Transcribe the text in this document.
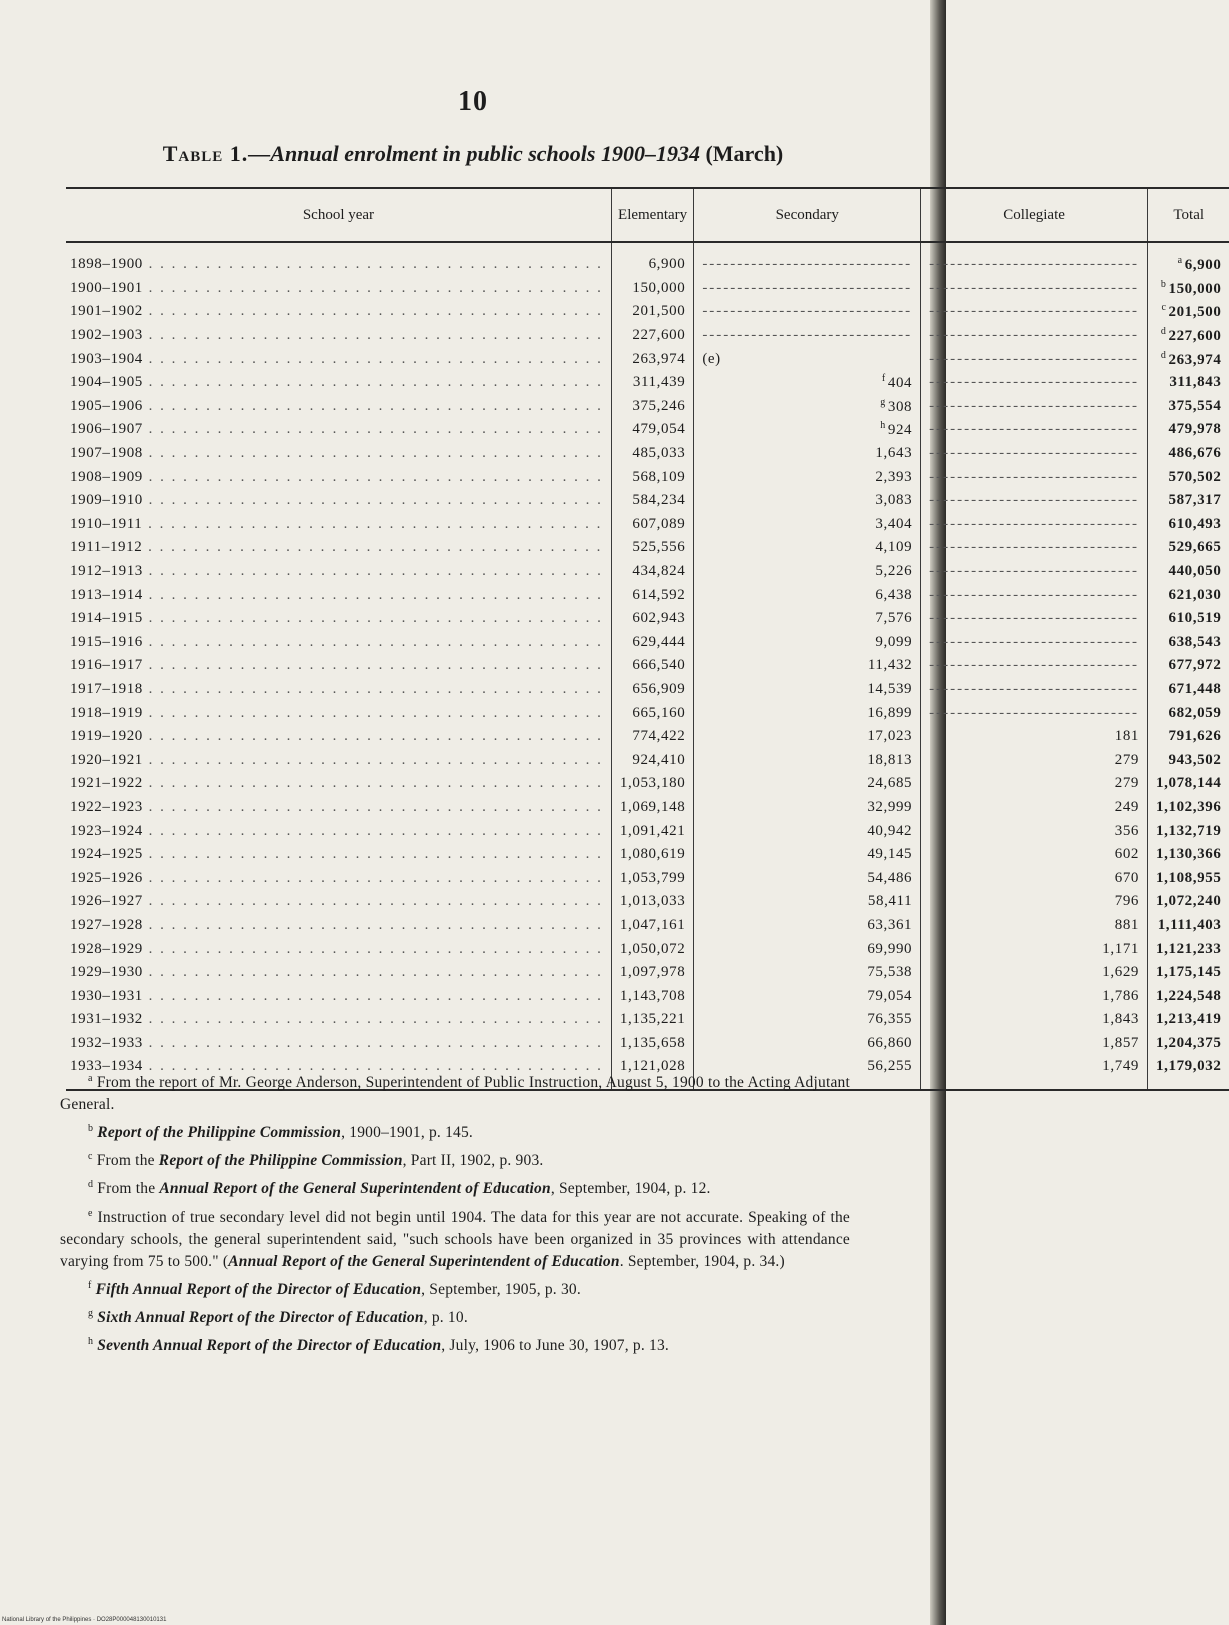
10
Table 1.—Annual enrolment in public schools 1900–1934 (March)
School year	Elementary	Secondary	Collegiate	Total
1898–1900 . . . . . . . . . . . . . . . . . . . . . . . . . . . . . . . . . . . . . . . .	6,900	------------------------------	------------------------------	$^a$ 6,900
1900–1901 . . . . . . . . . . . . . . . . . . . . . . . . . . . . . . . . . . . . . . . .	150,000	------------------------------	------------------------------	$^b$ 150,000
1901–1902 . . . . . . . . . . . . . . . . . . . . . . . . . . . . . . . . . . . . . . . .	201,500	------------------------------	------------------------------	$^c$ 201,500
1902–1903 . . . . . . . . . . . . . . . . . . . . . . . . . . . . . . . . . . . . . . . .	227,600	------------------------------	------------------------------	$^d$ 227,600
1903–1904 . . . . . . . . . . . . . . . . . . . . . . . . . . . . . . . . . . . . . . . .	263,974	(e)	------------------------------	$^d$ 263,974
1904–1905 . . . . . . . . . . . . . . . . . . . . . . . . . . . . . . . . . . . . . . . .	311,439	$^f$ 404	------------------------------	311,843
1905–1906 . . . . . . . . . . . . . . . . . . . . . . . . . . . . . . . . . . . . . . . .	375,246	$^g$ 308	------------------------------	375,554
1906–1907 . . . . . . . . . . . . . . . . . . . . . . . . . . . . . . . . . . . . . . . .	479,054	$^h$ 924	------------------------------	479,978
1907–1908 . . . . . . . . . . . . . . . . . . . . . . . . . . . . . . . . . . . . . . . .	485,033	1,643	------------------------------	486,676
1908–1909 . . . . . . . . . . . . . . . . . . . . . . . . . . . . . . . . . . . . . . . .	568,109	2,393	------------------------------	570,502
1909–1910 . . . . . . . . . . . . . . . . . . . . . . . . . . . . . . . . . . . . . . . .	584,234	3,083	------------------------------	587,317
1910–1911 . . . . . . . . . . . . . . . . . . . . . . . . . . . . . . . . . . . . . . . .	607,089	3,404	------------------------------	610,493
1911–1912 . . . . . . . . . . . . . . . . . . . . . . . . . . . . . . . . . . . . . . . .	525,556	4,109	------------------------------	529,665
1912–1913 . . . . . . . . . . . . . . . . . . . . . . . . . . . . . . . . . . . . . . . .	434,824	5,226	------------------------------	440,050
1913–1914 . . . . . . . . . . . . . . . . . . . . . . . . . . . . . . . . . . . . . . . .	614,592	6,438	------------------------------	621,030
1914–1915 . . . . . . . . . . . . . . . . . . . . . . . . . . . . . . . . . . . . . . . .	602,943	7,576	------------------------------	610,519
1915–1916 . . . . . . . . . . . . . . . . . . . . . . . . . . . . . . . . . . . . . . . .	629,444	9,099	------------------------------	638,543
1916–1917 . . . . . . . . . . . . . . . . . . . . . . . . . . . . . . . . . . . . . . . .	666,540	11,432	------------------------------	677,972
1917–1918 . . . . . . . . . . . . . . . . . . . . . . . . . . . . . . . . . . . . . . . .	656,909	14,539	------------------------------	671,448
1918–1919 . . . . . . . . . . . . . . . . . . . . . . . . . . . . . . . . . . . . . . . .	665,160	16,899	------------------------------	682,059
1919–1920 . . . . . . . . . . . . . . . . . . . . . . . . . . . . . . . . . . . . . . . .	774,422	17,023	181	791,626
1920–1921 . . . . . . . . . . . . . . . . . . . . . . . . . . . . . . . . . . . . . . . .	924,410	18,813	279	943,502
1921–1922 . . . . . . . . . . . . . . . . . . . . . . . . . . . . . . . . . . . . . . . .	1,053,180	24,685	279	1,078,144
1922–1923 . . . . . . . . . . . . . . . . . . . . . . . . . . . . . . . . . . . . . . . .	1,069,148	32,999	249	1,102,396
1923–1924 . . . . . . . . . . . . . . . . . . . . . . . . . . . . . . . . . . . . . . . .	1,091,421	40,942	356	1,132,719
1924–1925 . . . . . . . . . . . . . . . . . . . . . . . . . . . . . . . . . . . . . . . .	1,080,619	49,145	602	1,130,366
1925–1926 . . . . . . . . . . . . . . . . . . . . . . . . . . . . . . . . . . . . . . . .	1,053,799	54,486	670	1,108,955
1926–1927 . . . . . . . . . . . . . . . . . . . . . . . . . . . . . . . . . . . . . . . .	1,013,033	58,411	796	1,072,240
1927–1928 . . . . . . . . . . . . . . . . . . . . . . . . . . . . . . . . . . . . . . . .	1,047,161	63,361	881	1,111,403
1928–1929 . . . . . . . . . . . . . . . . . . . . . . . . . . . . . . . . . . . . . . . .	1,050,072	69,990	1,171	1,121,233
1929–1930 . . . . . . . . . . . . . . . . . . . . . . . . . . . . . . . . . . . . . . . .	1,097,978	75,538	1,629	1,175,145
1930–1931 . . . . . . . . . . . . . . . . . . . . . . . . . . . . . . . . . . . . . . . .	1,143,708	79,054	1,786	1,224,548
1931–1932 . . . . . . . . . . . . . . . . . . . . . . . . . . . . . . . . . . . . . . . .	1,135,221	76,355	1,843	1,213,419
1932–1933 . . . . . . . . . . . . . . . . . . . . . . . . . . . . . . . . . . . . . . . .	1,135,658	66,860	1,857	1,204,375
1933–1934 . . . . . . . . . . . . . . . . . . . . . . . . . . . . . . . . . . . . . . . .	1,121,028	56,255	1,749	1,179,032

$^a$ From the report of Mr. George Anderson, Superintendent of Public Instruction, August 5, 1900 to the Acting Adjutant General.

$^b$ Report of the Philippine Commission, 1900–1901, p. 145.

$^c$ From the Report of the Philippine Commission, Part II, 1902, p. 903.

$^d$ From the Annual Report of the General Superintendent of Education, September, 1904, p. 12.

$^e$ Instruction of true secondary level did not begin until 1904. The data for this year are not accurate. Speaking of the secondary schools, the general superintendent said, "such schools have been organized in 35 provinces with attendance varying from 75 to 500." (Annual Report of the General Superintendent of Education. September, 1904, p. 34.)

$^f$ Fifth Annual Report of the Director of Education, September, 1905, p. 30.

$^g$ Sixth Annual Report of the Director of Education, p. 10.

$^h$ Seventh Annual Report of the Director of Education, July, 1906 to June 30, 1907, p. 13.

National Library of the Philippines · DO28P000048130010131
